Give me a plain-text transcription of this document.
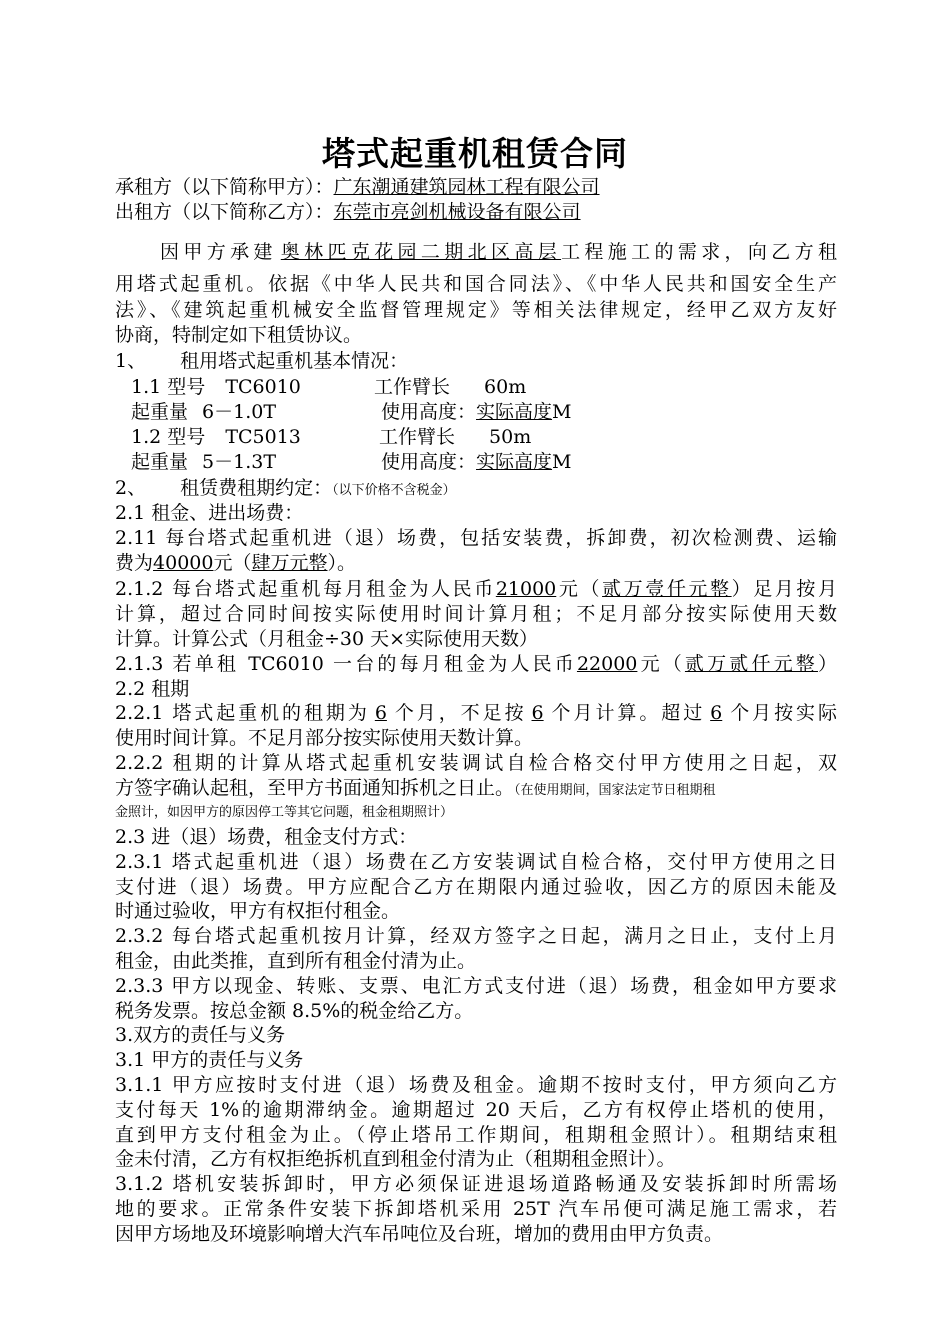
塔式起重机租赁合同
承租方（以下简称甲方）：广东潮通建筑园林工程有限公司
出租方（以下简称乙方）：东莞市亮剑机械设备有限公司
因甲方承建 奥林匹克花园二期北区高层工程施工的需求，向乙方租
用塔式起重机。依据《中华人民共和国合同法》、《中华人民共和国安全生产
法》、《建筑起重机械安全监督管理规定》等相关法律规定，经甲乙双方友好
协商，特制定如下租赁协议。
1、 租用塔式起重机基本情况：
1.1 型号 TC6010	工作臂长 60m
起重量 6－1.0T	使用高度：实际高度M
1.2 型号 TC5013	工作臂长 50m
起重量 5－1.3T	使用高度：实际高度M
2、 租赁费租期约定：（以下价格不含税金）
2.1 租金、进出场费：
2.11 每台塔式起重机进（退）场费，包括安装费，拆卸费，初次检测费、运输
费为40000元（肆万元整）。
2.1.2 每台塔式起重机每月租金为人民币21000元（贰万壹仟元整）足月按月
计算，超过合同时间按实际使用时间计算月租；不足月部分按实际使用天数
计算。计算公式（月租金÷30 天×实际使用天数）
2.1.3 若单租 TC6010 一台的每月租金为人民币22000元（贰万贰仟元整）
2.2 租期
2.2.1 塔式起重机的租期为 6 个月，不足按 6 个月计算。超过 6 个月按实际
使用时间计算。不足月部分按实际使用天数计算。
2.2.2 租期的计算从塔式起重机安装调试自检合格交付甲方使用之日起，双
方签字确认起租，至甲方书面通知拆机之日止。（在使用期间，国家法定节日租期租
金照计，如因甲方的原因停工等其它问题，租金租期照计）
2.3 进（退）场费，租金支付方式：
2.3.1 塔式起重机进（退）场费在乙方安装调试自检合格，交付甲方使用之日
支付进（退）场费。甲方应配合乙方在期限内通过验收，因乙方的原因未能及
时通过验收，甲方有权拒付租金。
2.3.2 每台塔式起重机按月计算，经双方签字之日起，满月之日止，支付上月
租金，由此类推，直到所有租金付清为止。
2.3.3 甲方以现金、转账、支票、电汇方式支付进（退）场费，租金如甲方要求
税务发票。按总金额 8.5%的税金给乙方。
3.双方的责任与义务
3.1 甲方的责任与义务
3.1.1 甲方应按时支付进（退）场费及租金。逾期不按时支付，甲方须向乙方
支付每天 1%的逾期滞纳金。逾期超过 20 天后，乙方有权停止塔机的使用，
直到甲方支付租金为止。（停止塔吊工作期间，租期租金照计）。租期结束租
金未付清，乙方有权拒绝拆机直到租金付清为止（租期租金照计）。
3.1.2 塔机安装拆卸时，甲方必须保证进退场道路畅通及安装拆卸时所需场
地的要求。正常条件安装下拆卸塔机采用 25T 汽车吊便可满足施工需求，若
因甲方场地及环境影响增大汽车吊吨位及台班，增加的费用由甲方负责。
